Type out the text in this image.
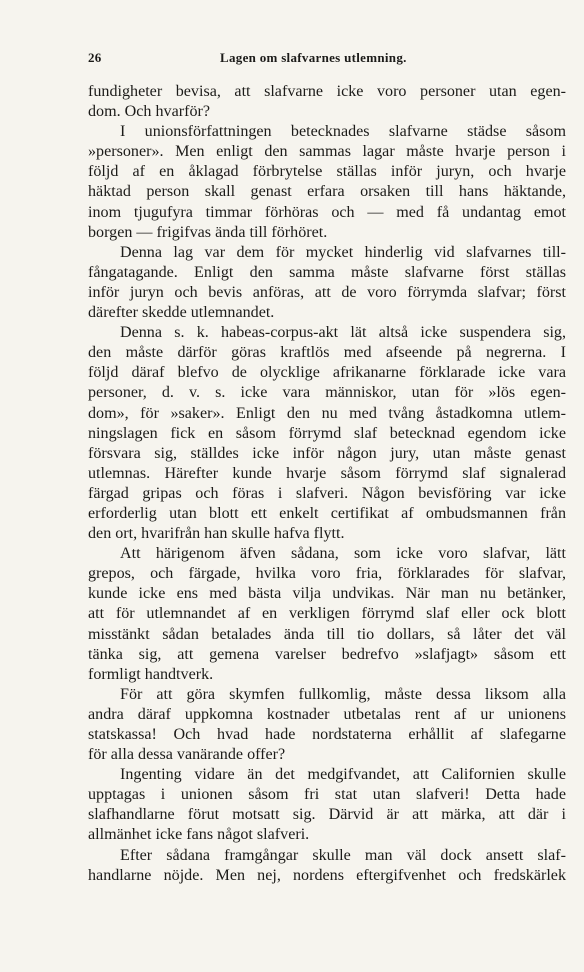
26	Lagen om slafvarnes utlemning.
fundigheter bevisa, att slafvarne icke voro personer utan egen-
dom. Och hvarför?
I unionsförfattningen betecknades slafvarne städse såsom
»personer». Men enligt den sammas lagar måste hvarje person i
följd af en åklagad förbrytelse ställas inför juryn, och hvarje
häktad person skall genast erfara orsaken till hans häktande,
inom tjugufyra timmar förhöras och — med få undantag emot
borgen — frigifvas ända till förhöret.
Denna lag var dem för mycket hinderlig vid slafvarnes till-
fångatagande. Enligt den samma måste slafvarne först ställas
inför juryn och bevis anföras, att de voro förrymda slafvar; först
därefter skedde utlemnandet.
Denna s. k. habeas-corpus-akt lät altså icke suspendera sig,
den måste därför göras kraftlös med afseende på negrerna. I
följd däraf blefvo de olycklige afrikanarne förklarade icke vara
personer, d. v. s. icke vara människor, utan för »lös egen-
dom», för »saker». Enligt den nu med tvång åstadkomna utlem-
ningslagen fick en såsom förrymd slaf betecknad egendom icke
försvara sig, ställdes icke inför någon jury, utan måste genast
utlemnas. Härefter kunde hvarje såsom förrymd slaf signalerad
färgad gripas och föras i slafveri. Någon bevisföring var icke
erforderlig utan blott ett enkelt certifikat af ombudsmannen från
den ort, hvarifrån han skulle hafva flytt.
Att härigenom äfven sådana, som icke voro slafvar, lätt
grepos, och färgade, hvilka voro fria, förklarades för slafvar,
kunde icke ens med bästa vilja undvikas. När man nu betänker,
att för utlemnandet af en verkligen förrymd slaf eller ock blott
misstänkt sådan betalades ända till tio dollars, så låter det väl
tänka sig, att gemena varelser bedrefvo »slafjagt» såsom ett
formligt handtverk.
För att göra skymfen fullkomlig, måste dessa liksom alla
andra däraf uppkomna kostnader utbetalas rent af ur unionens
statskassa! Och hvad hade nordstaterna erhållit af slafegarne
för alla dessa vanärande offer?
Ingenting vidare än det medgifvandet, att Californien skulle
upptagas i unionen såsom fri stat utan slafveri! Detta hade
slafhandlarne förut motsatt sig. Därvid är att märka, att där i
allmänhet icke fans något slafveri.
Efter sådana framgångar skulle man väl dock ansett slaf-
handlarne nöjde. Men nej, nordens eftergifvenhet och fredskärlek
